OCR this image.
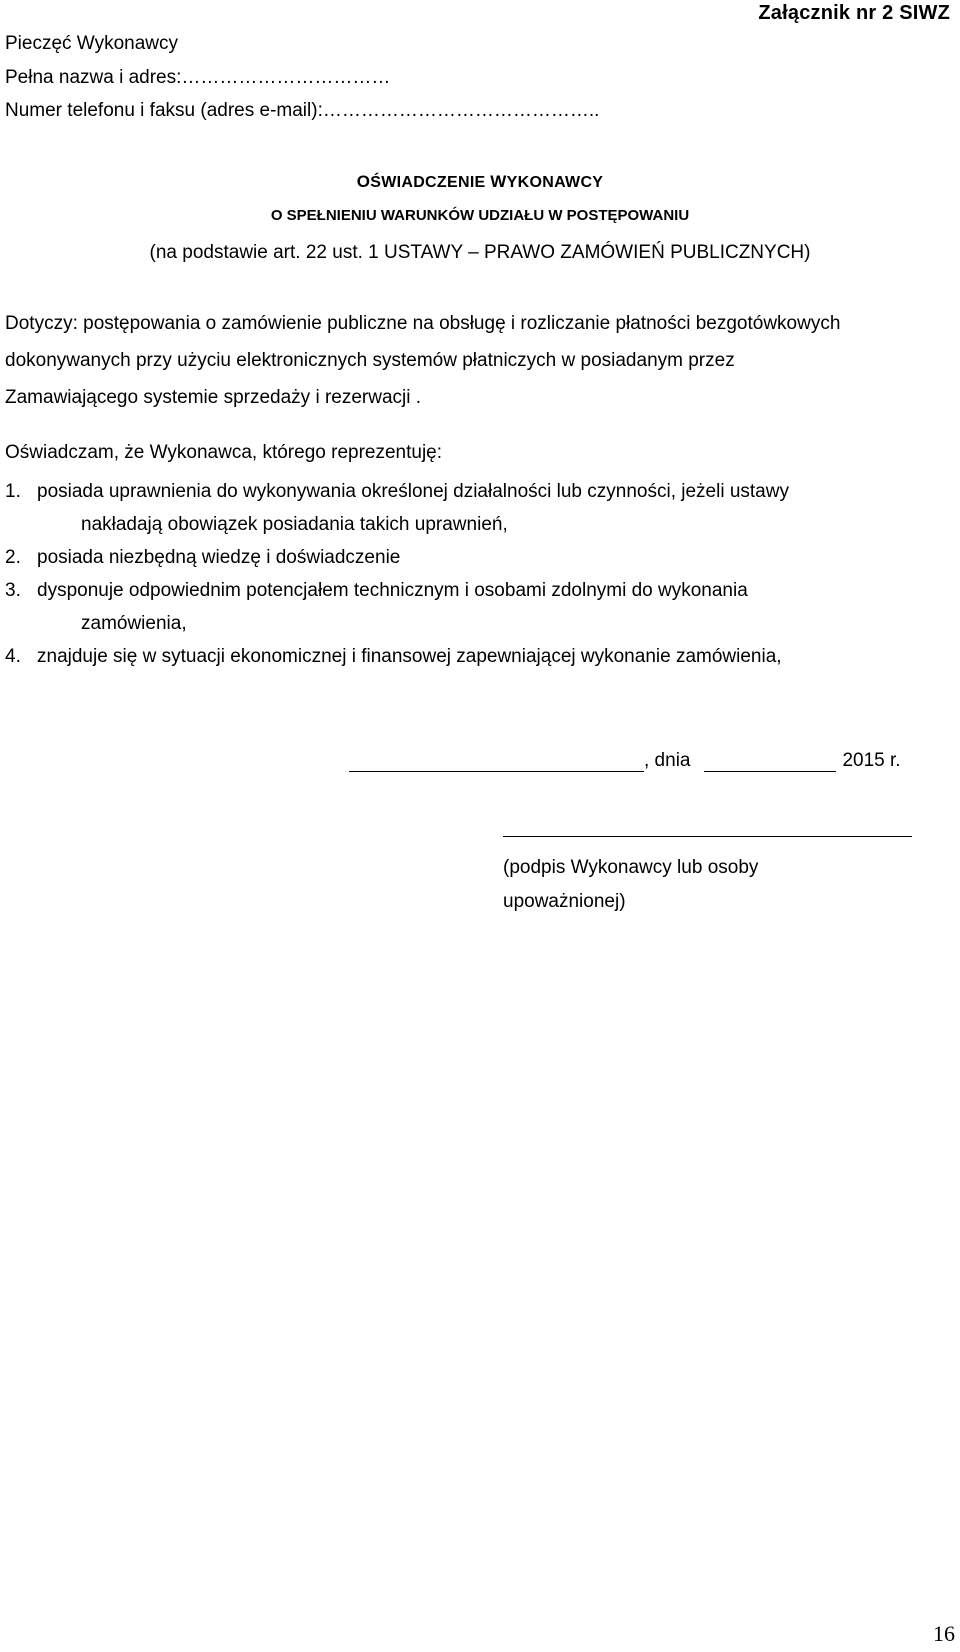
Załącznik nr 2 SIWZ
Pieczęć Wykonawcy
Pełna nazwa i adres:……………………………
Numer telefonu i faksu (adres e-mail):……………………………………..
OŚWIADCZENIE WYKONAWCY
O SPEŁNIENIU WARUNKÓW UDZIAŁU W POSTĘPOWANIU
(na podstawie art. 22 ust. 1 USTAWY – PRAWO ZAMÓWIEŃ PUBLICZNYCH)
Dotyczy: postępowania o zamówienie publiczne na obsługę i rozliczanie płatności bezgotówkowych dokonywanych przy użyciu elektronicznych systemów płatniczych w posiadanym przez Zamawiającego systemie sprzedaży i rezerwacji .
Oświadczam, że Wykonawca, którego reprezentuję:
1. posiada uprawnienia do wykonywania określonej działalności lub czynności, jeżeli ustawy
nakładają obowiązek posiadania takich uprawnień,
2. posiada niezbędną wiedzę i doświadczenie
3. dysponuje odpowiednim potencjałem technicznym i osobami zdolnymi do wykonania
zamówienia,
4. znajduje się w sytuacji ekonomicznej i finansowej zapewniającej wykonanie zamówienia,
, dnia	2015 r.
(podpis Wykonawcy lub osoby upoważnionej)
16
